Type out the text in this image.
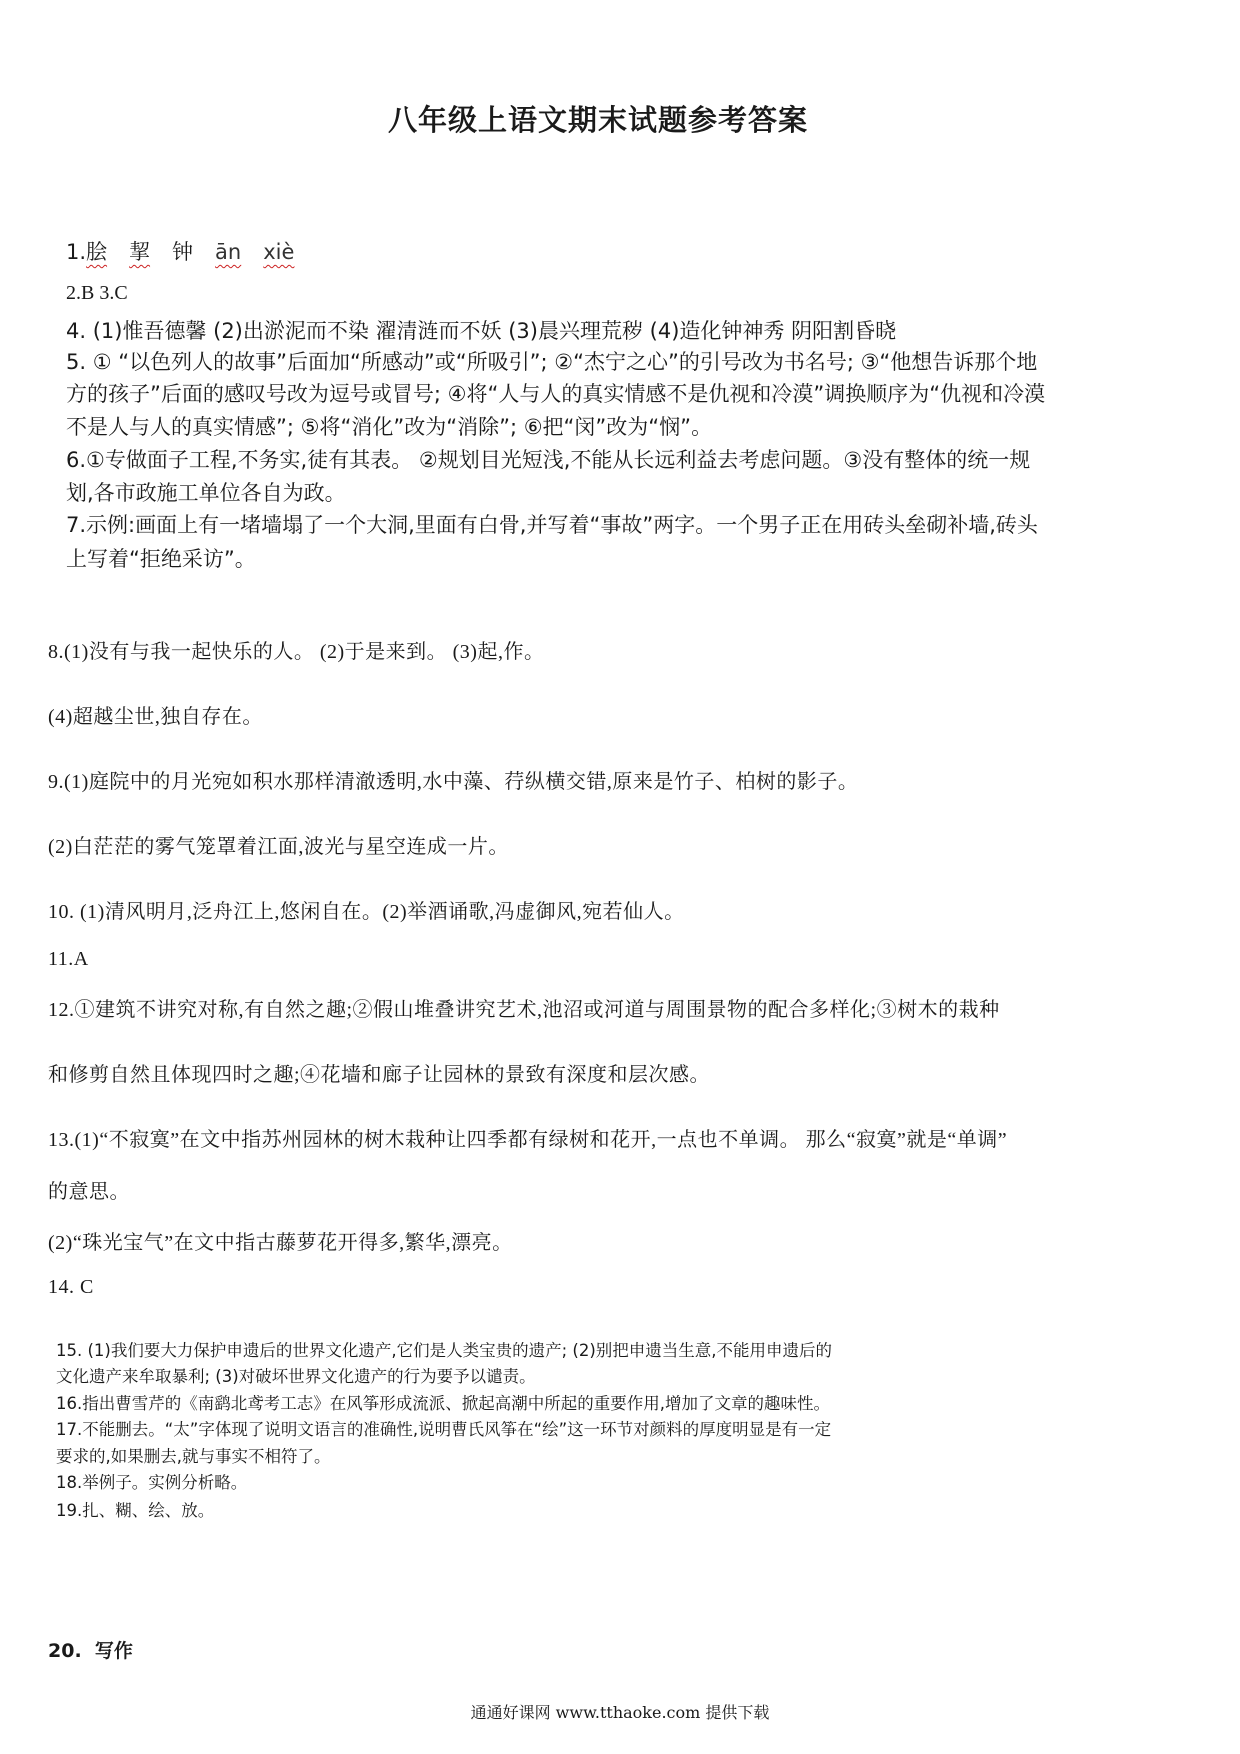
八年级上语文期末试题参考答案
1.脍 挈 钟 ān xiè
2.B 3.C
4. (1)惟吾德馨 (2)出淤泥而不染 濯清涟而不妖 (3)晨兴理荒秽 (4)造化钟神秀 阴阳割昏晓
5. ① “以色列人的故事”后面加“所感动”或“所吸引”; ②“杰宁之心”的引号改为书名号; ③“他想告诉那个地
方的孩子”后面的感叹号改为逗号或冒号; ④将“人与人的真实情感不是仇视和冷漠”调换顺序为“仇视和冷漠
不是人与人的真实情感”; ⑤将“消化”改为“消除”; ⑥把“闵”改为“悯”。
6.①专做面子工程,不务实,徒有其表。 ②规划目光短浅,不能从长远利益去考虑问题。③没有整体的统一规
划,各市政施工单位各自为政。
7.示例:画面上有一堵墙塌了一个大洞,里面有白骨,并写着“事故”两字。一个男子正在用砖头垒砌补墙,砖头
上写着“拒绝采访”。
8.(1)没有与我一起快乐的人。 (2)于是来到。 (3)起,作。
(4)超越尘世,独自存在。
9.(1)庭院中的月光宛如积水那样清澈透明,水中藻、荇纵横交错,原来是竹子、柏树的影子。
(2)白茫茫的雾气笼罩着江面,波光与星空连成一片。
10. (1)清风明月,泛舟江上,悠闲自在。(2)举酒诵歌,冯虚御风,宛若仙人。
11.A
12.①建筑不讲究对称,有自然之趣;②假山堆叠讲究艺术,池沼或河道与周围景物的配合多样化;③树木的栽种
和修剪自然且体现四时之趣;④花墙和廊子让园林的景致有深度和层次感。
13.(1)“不寂寞”在文中指苏州园林的树木栽种让四季都有绿树和花开,一点也不单调。 那么“寂寞”就是“单调”
的意思。
(2)“珠光宝气”在文中指古藤萝花开得多,繁华,漂亮。
14. C
15. (1)我们要大力保护申遗后的世界文化遗产,它们是人类宝贵的遗产; (2)别把申遗当生意,不能用申遗后的
文化遗产来牟取暴利; (3)对破坏世界文化遗产的行为要予以谴责。
16.指出曹雪芹的《南鹞北鸢考工志》在风筝形成流派、掀起高潮中所起的重要作用,增加了文章的趣味性。
17.不能删去。“太”字体现了说明文语言的准确性,说明曹氏风筝在“绘”这一环节对颜料的厚度明显是有一定
要求的,如果删去,就与事实不相符了。
18.举例子。实例分析略。
19.扎、糊、绘、放。
20. 写作
通通好课网 www.tthaoke.com 提供下载
